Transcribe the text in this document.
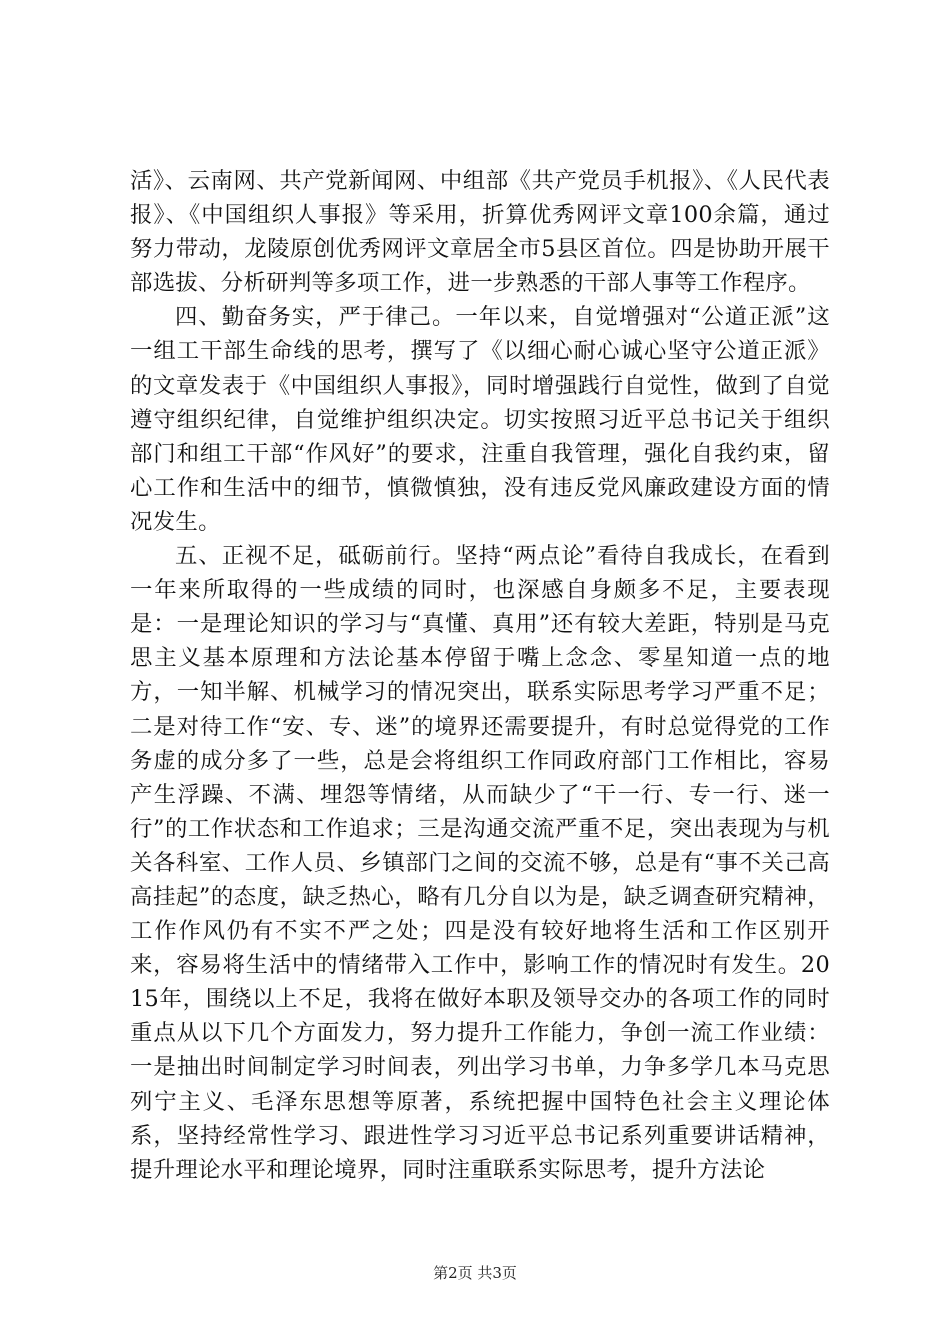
活》、云南网、共产党新闻网、中组部《共产党员手机报》、《人民代表报》、《中国组织人事报》等采用，折算优秀网评文章100余篇，通过努力带动，龙陵原创优秀网评文章居全市5县区首位。四是协助开展干部选拔、分析研判等多项工作，进一步熟悉的干部人事等工作程序。

四、勤奋务实，严于律己。一年以来，自觉增强对“公道正派”这一组工干部生命线的思考，撰写了《以细心耐心诚心坚守公道正派》的文章发表于《中国组织人事报》，同时增强践行自觉性，做到了自觉遵守组织纪律，自觉维护组织决定。切实按照习近平总书记关于组织部门和组工干部“作风好”的要求，注重自我管理，强化自我约束，留心工作和生活中的细节，慎微慎独，没有违反党风廉政建设方面的情况发生。

五、正视不足，砥砺前行。坚持“两点论”看待自我成长，在看到一年来所取得的一些成绩的同时，也深感自身颇多不足，主要表现是：一是理论知识的学习与“真懂、真用”还有较大差距，特别是马克思主义基本原理和方法论基本停留于嘴上念念、零星知道一点的地方，一知半解、机械学习的情况突出，联系实际思考学习严重不足；二是对待工作“安、专、迷”的境界还需要提升，有时总觉得党的工作务虚的成分多了一些，总是会将组织工作同政府部门工作相比，容易产生浮躁、不满、埋怨等情绪，从而缺少了“干一行、专一行、迷一行”的工作状态和工作追求；三是沟通交流严重不足，突出表现为与机关各科室、工作人员、乡镇部门之间的交流不够，总是有“事不关己高高挂起”的态度，缺乏热心，略有几分自以为是，缺乏调查研究精神，工作作风仍有不实不严之处；四是没有较好地将生活和工作区别开来，容易将生活中的情绪带入工作中，影响工作的情况时有发生。2015年，围绕以上不足，我将在做好本职及领导交办的各项工作的同时重点从以下几个方面发力，努力提升工作能力，争创一流工作业绩：一是抽出时间制定学习时间表，列出学习书单，力争多学几本马克思列宁主义、毛泽东思想等原著，系统把握中国特色社会主义理论体系，坚持经常性学习、跟进性学习习近平总书记系列重要讲话精神，提升理论水平和理论境界，同时注重联系实际思考，提升方法论

第2页 共3页
